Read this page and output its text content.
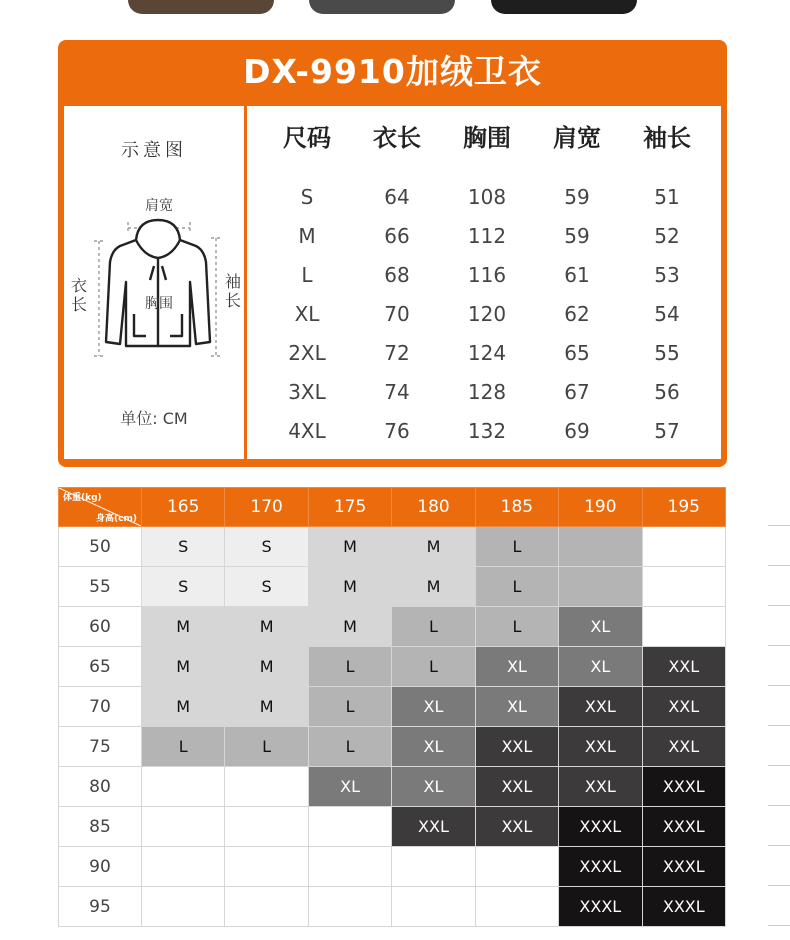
DX-9910加绒卫衣
示意图
肩宽
胸围
衣长
袖长
单位: CM
尺码	衣长	胸围	肩宽	袖长
S	64	108	59	51
M	66	112	59	52
L	68	116	61	53
XL	70	120	62	54
2XL	72	124	65	55
3XL	74	128	67	56
4XL	76	132	69	57
体重(kg)
身高(cm)	165	170	175	180	185	190	195
50	S	S	M	M	L		
55	S	S	M	M	L		
60	M	M	M	L	L	XL	
65	M	M	L	L	XL	XL	XXL
70	M	M	L	XL	XL	XXL	XXL
75	L	L	L	XL	XXL	XXL	XXL
80			XL	XL	XXL	XXL	XXXL
85				XXL	XXL	XXXL	XXXL
90						XXXL	XXXL
95						XXXL	XXXL
